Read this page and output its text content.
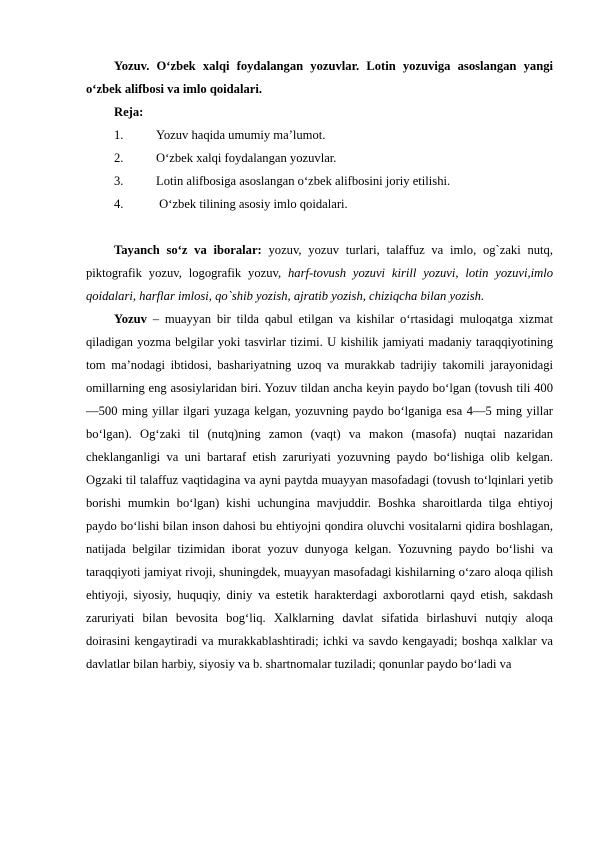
Yozuv. O‘zbek xalqi foydalangan yozuvlar. Lotin yozuviga asoslangan yangi o‘zbek alifbosi va imlo qoidalari.

Reja:

1.	Yozuv haqida umumiy ma’lumot.
2.	O‘zbek xalqi foydalangan yozuvlar.
3.	Lotin alifbosiga asoslangan o‘zbek alifbosini joriy etilishi.
4.	O‘zbek tilining asosiy imlo qoidalari.

Tayanch so‘z va iboralar: yozuv, yozuv turlari, talaffuz va imlo, og`zaki nutq, piktografik yozuv, logografik yozuv, harf-tovush yozuvi kirill yozuvi, lotin yozuvi,imlo qoidalari, harflar imlosi, qo`shib yozish, ajratib yozish, chiziqcha bilan yozish.

Yozuv – muayyan bir tilda qabul etilgan va kishilar o‘rtasidagi muloqatga xizmat qiladigan yozma belgilar yoki tasvirlar tizimi. U kishilik jamiyati madaniy taraqqiyotining tom ma’nodagi ibtidosi, bashariyatning uzoq va murakkab tadrijiy takomili jarayonidagi omillarning eng asosiylaridan biri. Yozuv tildan ancha keyin paydo bo‘lgan (tovush tili 400—500 ming yillar ilgari yuzaga kelgan, yozuvning paydo bo‘lganiga esa 4—5 ming yillar bo‘lgan). Og‘zaki til (nutq)ning zamon (vaqt) va makon (masofa) nuqtai nazaridan cheklanganligi va uni bartaraf etish zaruriyati yozuvning paydo bo‘lishiga olib kelgan. Ogzaki til talaffuz vaqtidagina va ayni paytda muayyan masofadagi (tovush to‘lqinlari yetib borishi mumkin bo‘lgan) kishi uchungina mavjuddir. Boshka sharoitlarda tilga ehtiyoj paydo bo‘lishi bilan inson dahosi bu ehtiyojni qondira oluvchi vositalarni qidira boshlagan, natijada belgilar tizimidan iborat yozuv dunyoga kelgan. Yozuvning paydo bo‘lishi va taraqqiyoti jamiyat rivoji, shuningdek, muayyan masofadagi kishilarning o‘zaro aloqa qilish ehtiyoji, siyosiy, huquqiy, diniy va estetik harakterdagi axborotlarni qayd etish, sakdash zaruriyati bilan bevosita bog‘liq. Xalklarning davlat sifatida birlashuvi nutqiy aloqa doirasini kengaytiradi va murakkablashtiradi; ichki va savdo kengayadi; boshqa xalklar va davlatlar bilan harbiy, siyosiy va b. shartnomalar tuziladi; qonunlar paydo bo‘ladi va
